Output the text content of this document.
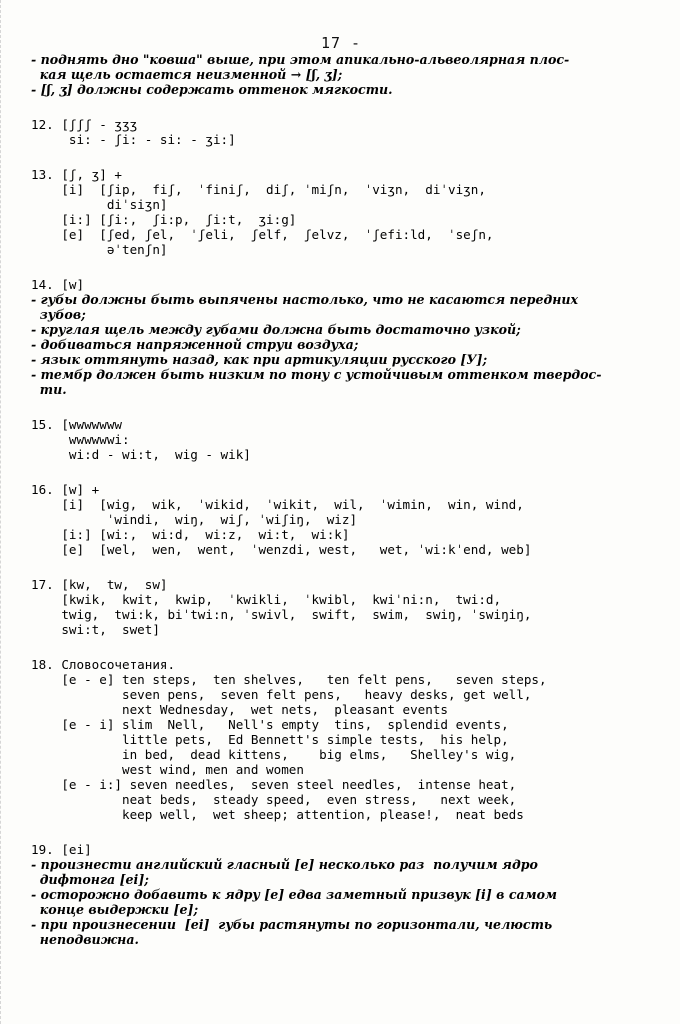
17 -
- поднять дно "ковша" выше, при этом апикально-альвеолярная плос-
кая щель остается неизменной → [ʃ, ʒ];
- [ʃ, ʒ] должны содержать оттенок мягкости.
12. [ʃʃʃ - ʒʒʒ
si: - ʃi: - si: - ʒi:]
13. [ʃ, ʒ] +
[i]  [ʃip,  fiʃ,  ˈfiniʃ,  diʃ, ˈmiʃn,  ˈviʒn,  diˈviʒn,
diˈsiʒn]
[i:] [ʃi:,  ʃi:p,  ʃi:t,  ʒi:g]
[e]  [ʃed, ʃel,  ˈʃeli,  ʃelf,  ʃelvz,  ˈʃefi:ld,  ˈseʃn,
əˈtenʃn]
14. [w]
- губы должны быть выпячены настолько, что не касаются передних
зубов;
- круглая щель между губами должна быть достаточно узкой;
- добиваться напряженной струи воздуха;
- язык оттянуть назад, как при артикуляции русского [У];
- тембр должен быть низким по тону с устойчивым оттенком твердос-
ти.
15. [wwwwwww
wwwwwwi:
wi:d - wi:t,  wig - wik]
16. [w] +
[i]  [wig,  wik,  ˈwikid,  ˈwikit,  wil,  ˈwimin,  win, wind,
ˈwindi,  wiŋ,  wiʃ, ˈwiʃiŋ,  wiz]
[i:] [wi:,  wi:d,  wi:z,  wi:t,  wi:k]
[e]  [wel,  wen,  went,  ˈwenzdi, west,   wet, ˈwi:kˈend, web]
17. [kw,  tw,  sw]
[kwik,  kwit,  kwip,  ˈkwikli,  ˈkwibl,  kwiˈni:n,  twi:d,
twig,  twi:k, biˈtwi:n, ˈswivl,  swift,  swim,  swiŋ, ˈswiŋiŋ,
swi:t,  swet]
18. Словосочетания.
[e - e] ten steps,  ten shelves,   ten felt pens,   seven steps,
seven pens,  seven felt pens,   heavy desks, get well,
next Wednesday,  wet nets,  pleasant events
[e - i] slim  Nell,   Nell's empty  tins,  splendid events,
little pets,  Ed Bennett's simple tests,  his help,
in bed,  dead kittens,    big elms,   Shelley's wig,
west wind, men and women
[e - i:] seven needles,  seven steel needles,  intense heat,
neat beds,  steady speed,  even stress,   next week,
keep well,  wet sheep; attention, please!,  neat beds
19. [ei]
- произнести английский гласный [e] несколько раз  получим ядро
дифтонга [ei];
- осторожно добавить к ядру [e] едва заметный призвук [i] в самом
конце выдержки [e];
- при произнесении  [ei]  губы растянуты по горизонтали, челюсть
неподвижна.
